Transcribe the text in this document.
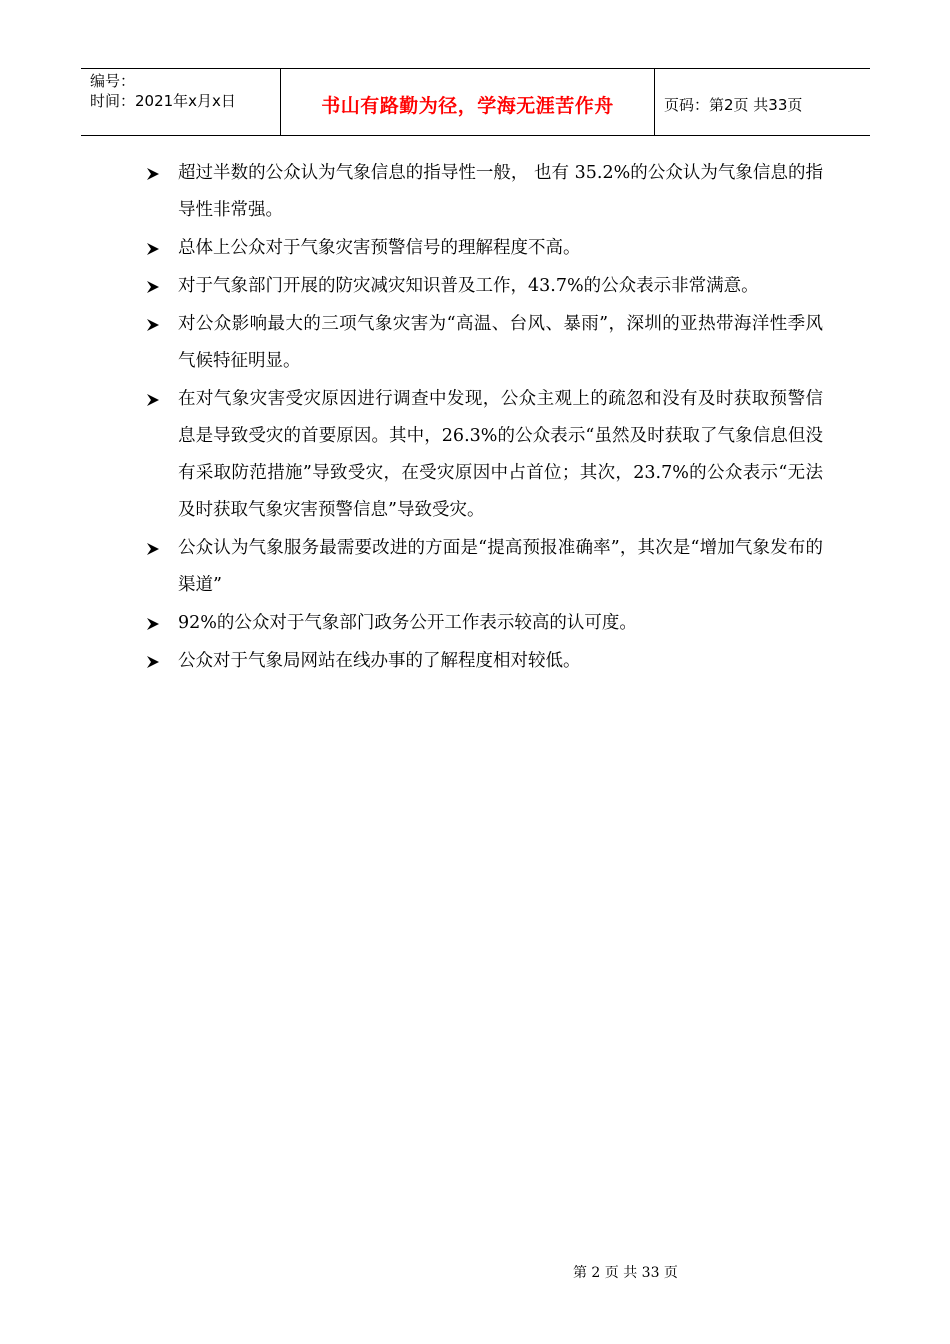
编号：
时间：2021年x月x日	书山有路勤为径，学海无涯苦作舟	页码：第2页 共33页
超过半数的公众认为气象信息的指导性一般， 也有 35.2%的公众认为气象信息的指导性非常强。
总体上公众对于气象灾害预警信号的理解程度不高。
对于气象部门开展的防灾减灾知识普及工作，43.7%的公众表示非常满意。
对公众影响最大的三项气象灾害为“高温、台风、暴雨”，深圳的亚热带海洋性季风气候特征明显。
在对气象灾害受灾原因进行调查中发现，公众主观上的疏忽和没有及时获取预警信息是导致受灾的首要原因。其中，26.3%的公众表示“虽然及时获取了气象信息但没有采取防范措施”导致受灾，在受灾原因中占首位；其次，23.7%的公众表示“无法及时获取气象灾害预警信息”导致受灾。
公众认为气象服务最需要改进的方面是“提高预报准确率”，其次是“增加气象发布的渠道”
92%的公众对于气象部门政务公开工作表示较高的认可度。
公众对于气象局网站在线办事的了解程度相对较低。

第 2 页 共 33 页
